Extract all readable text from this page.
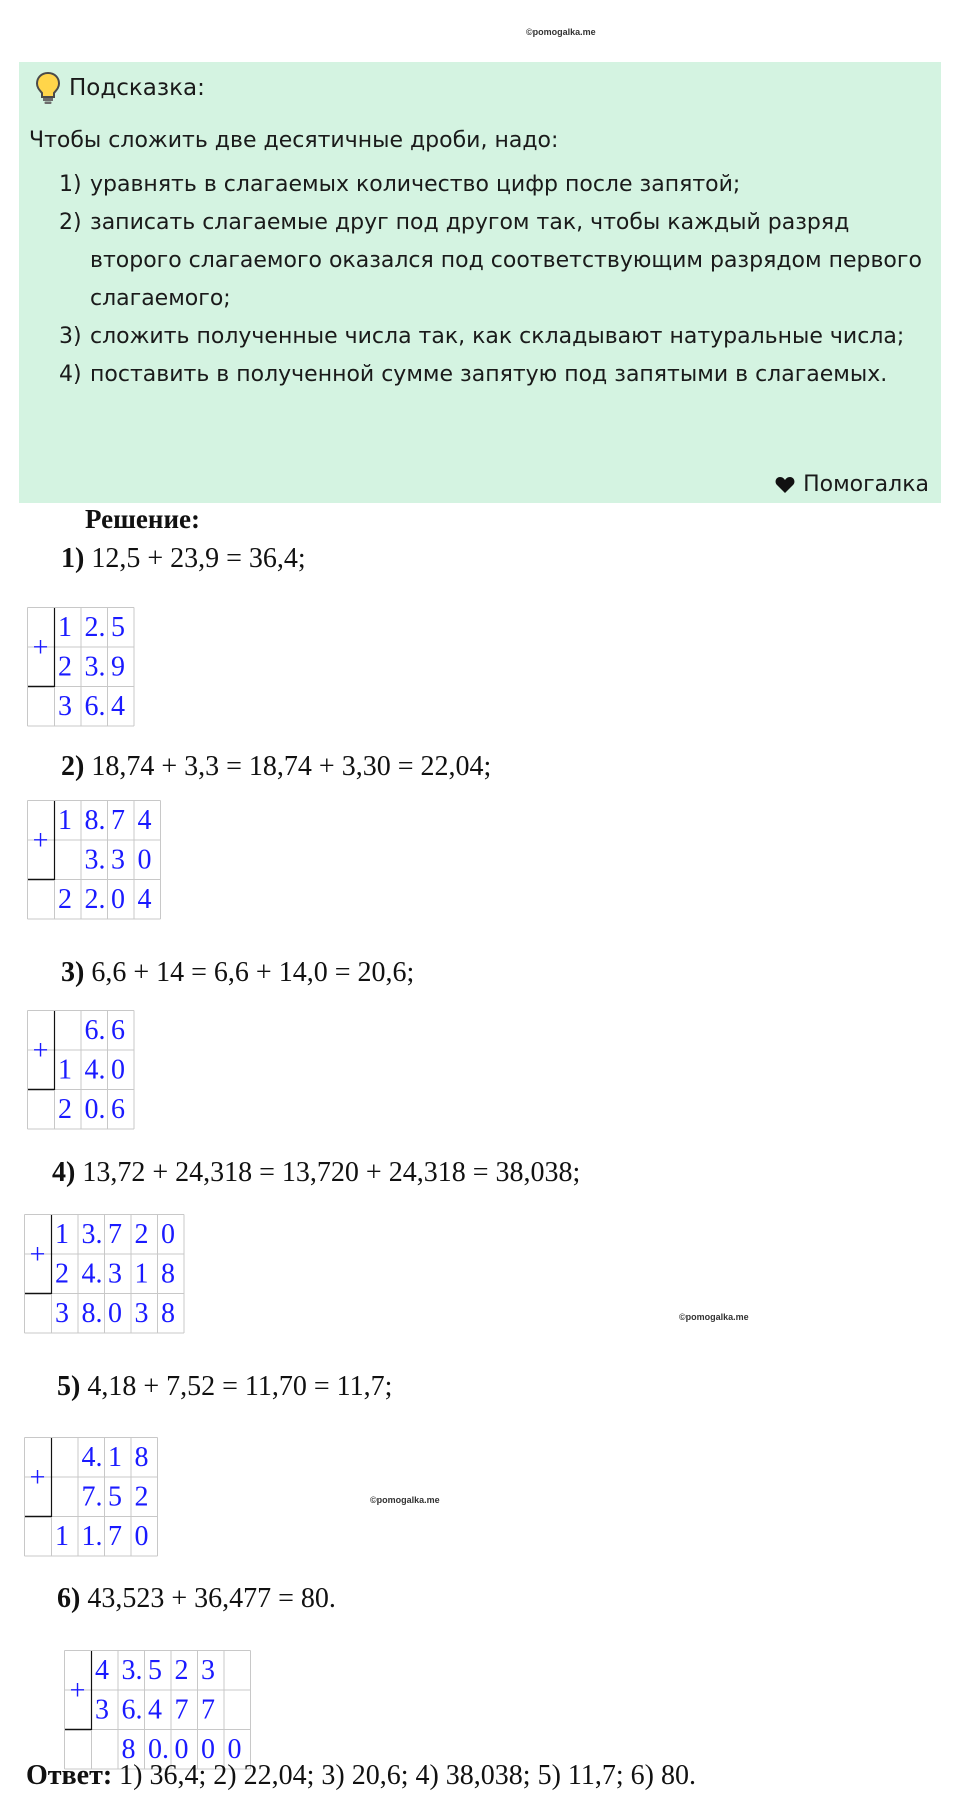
©pomogalka.me
©pomogalka.me
©pomogalka.me
Подсказка:
Чтобы сложить две десятичные дроби, надо:
1) уравнять в слагаемых количество цифр после запятой;
2) записать слагаемые друг под другом так, чтобы каждый разряд второго слагаемого оказался под соответствующим разрядом первого слагаемого;
3) сложить полученные числа так, как складывают натуральные числа;
4) поставить в полученной сумме запятую под запятыми в слагаемых.
Помогалка
Решение:
1) 12,5 + 23,9 = 36,4;
2) 18,74 + 3,3 = 18,74 + 3,30 = 22,04;
3) 6,6 + 14 = 6,6 + 14,0 = 20,6;
4) 13,72 + 24,318 = 13,720 + 24,318 = 38,038;
5) 4,18 + 7,52 = 11,70 = 11,7;
6) 43,523 + 36,477 = 80.
+
1 2. 5
2 3. 9
3 6. 4
+
1 8. 7 4
3. 3 0
2 2. 0 4
+
6. 6
1 4. 0
2 0. 6
+
1 3. 7 2 0
2 4. 3 1 8
3 8. 0 3 8
+
4. 1 8
7. 5 2
1 1. 7 0
+
4 3. 5 2 3
3 6. 4 7 7
8 0. 0 0 0
Ответ: 1) 36,4; 2) 22,04; 3) 20,6; 4) 38,038; 5) 11,7; 6) 80.
